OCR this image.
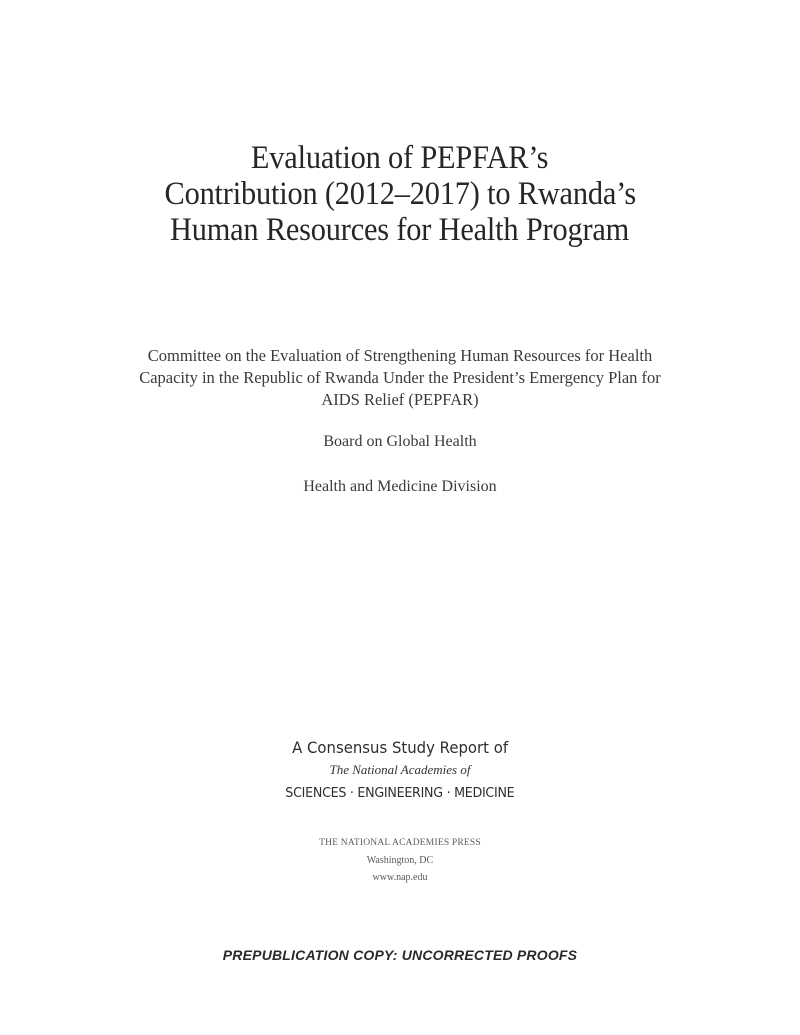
Evaluation of PEPFAR’s
Contribution (2012–2017) to Rwanda’s
Human Resources for Health Program
Committee on the Evaluation of Strengthening Human Resources for Health
Capacity in the Republic of Rwanda Under the President’s Emergency Plan for
AIDS Relief (PEPFAR)
Board on Global Health
Health and Medicine Division
A Consensus Study Report of
The National Academies of
SCIENCES · ENGINEERING · MEDICINE
THE NATIONAL ACADEMIES PRESS
Washington, DC
www.nap.edu
PREPUBLICATION COPY: UNCORRECTED PROOFS
